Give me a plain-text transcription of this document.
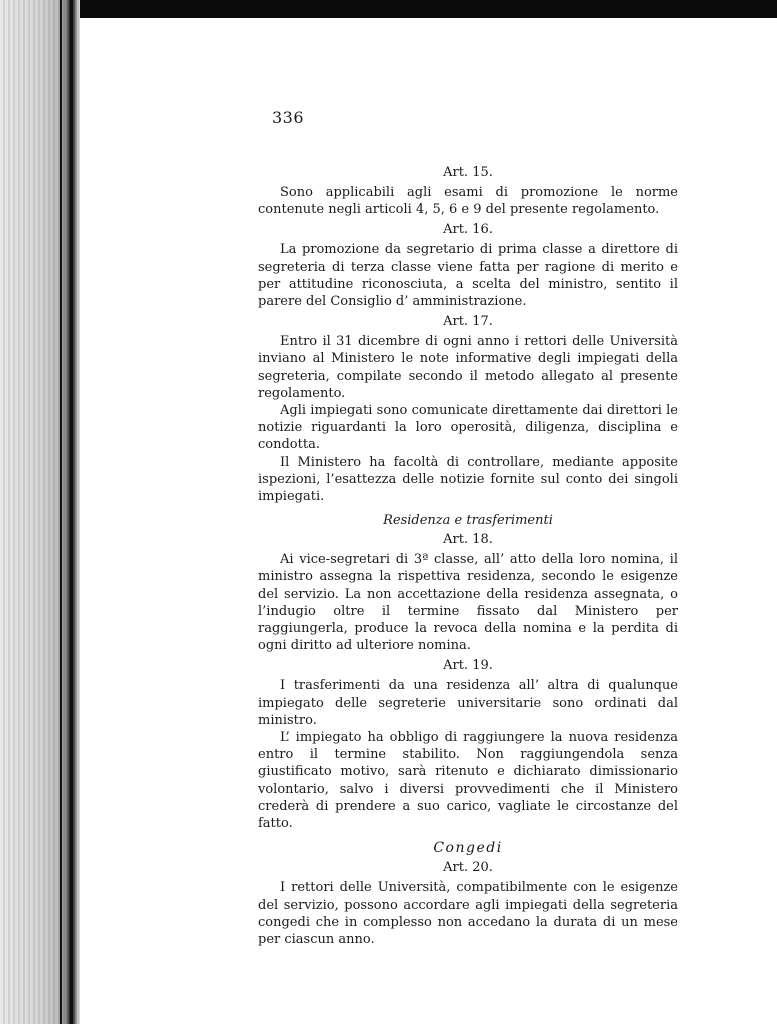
336
Art. 15.

Sono applicabili agli esami di promozione le norme contenute negli articoli 4, 5, 6 e 9 del presente regolamento.

Art. 16.

La promozione da segretario di prima classe a direttore di segreteria di terza classe viene fatta per ragione di merito e per attitudine riconosciuta, a scelta del ministro, sentito il parere del Consiglio d’ amministrazione.

Art. 17.

Entro il 31 dicembre di ogni anno i rettori delle Università inviano al Ministero le note informative degli impiegati della segreteria, compilate secondo il metodo allegato al presente regolamento.

Agli impiegati sono comunicate direttamente dai direttori le notizie riguardanti la loro operosità, diligenza, disciplina e condotta.

Il Ministero ha facoltà di controllare, mediante apposite ispezioni, l’esattezza delle notizie fornite sul conto dei singoli impiegati.

Residenza e trasferimenti
Art. 18.

Ai vice-segretari di 3ª classe, all’ atto della loro nomina, il ministro assegna la rispettiva residenza, secondo le esigenze del servizio. La non accettazione della residenza assegnata, o l’indugio oltre il termine fissato dal Ministero per raggiungerla, produce la revoca della nomina e la perdita di ogni diritto ad ulteriore nomina.

Art. 19.

I trasferimenti da una residenza all’ altra di qualunque impiegato delle segreterie universitarie sono ordinati dal ministro.

L’ impiegato ha obbligo di raggiungere la nuova residenza entro il termine stabilito. Non raggiungendola senza giustificato motivo, sarà ritenuto e dichiarato dimissionario volontario, salvo i diversi provvedimenti che il Ministero crederà di prendere a suo carico, vagliate le circostanze del fatto.

Congedi
Art. 20.

I rettori delle Università, compatibilmente con le esigenze del servizio, possono accordare agli impiegati della segreteria congedi che in complesso non accedano la durata di un mese per ciascun anno.
